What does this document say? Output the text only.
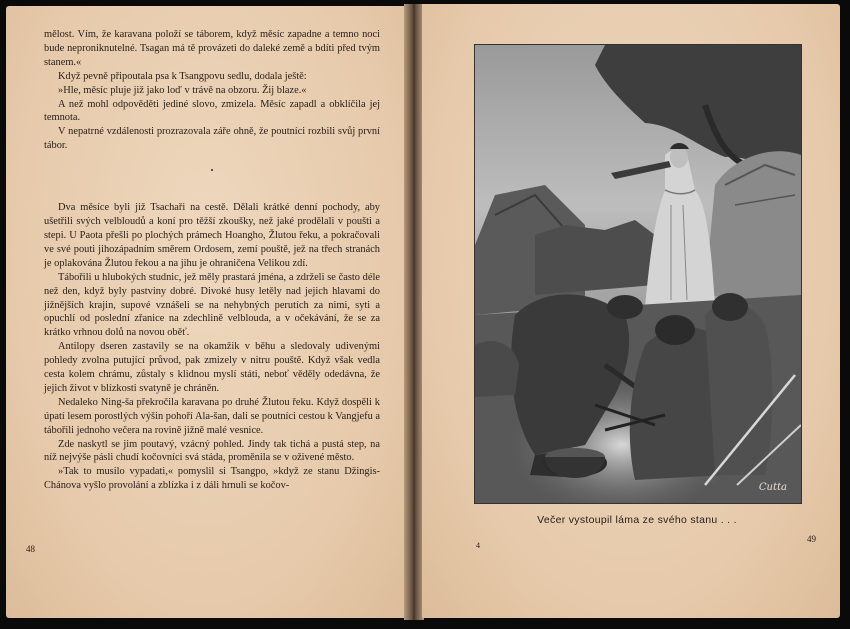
mělost. Vím, že karavana položí se táborem, když měsíc zapadne a temno noci bude neproniknutelné. Tsagan má tě provázeti do daleké země a bdíti před tvým stanem.«

Když pevně připoutala psa k Tsangpovu sedlu, dodala ještě:

»Hle, měsíc pluje již jako loď v trávě na obzoru. Žij blaze.«

A než mohl odpověděti jediné slovo, zmizela. Měsíc zapadl a obklíčila jej temnota.

V nepatrné vzdálenosti prozrazovala záře ohně, že poutníci rozbili svůj první tábor.

•

Dva měsíce byli již Tsachaři na cestě. Dělali krátké denní pochody, aby ušetřili svých velbloudů a koní pro těžší zkoušky, než jaké prodělali v poušti a stepi. U Paota přešli po plochých prámech Hoangho, Žlutou řeku, a pokračovali ve své pouti jihozápadním směrem Ordosem, zemí pouště, jež na třech stranách je oplakována Žlutou řekou a na jihu je ohraničena Velikou zdí.

Tábořili u hlubokých studnic, jež měly prastará jména, a zdrželi se často déle než den, když byly pastviny dobré. Divoké husy letěly nad jejich hlavami do jižnějších krajin, supové vznášeli se na nehybných perutích za nimi, syti a opuchlí od poslední zřanice na zdechlině velblouda, a v očekávání, že se za krátko vrhnou dolů na novou oběť.

Antilopy dseren zastavily se na okamžik v běhu a sledovaly udivenými pohledy zvolna putující průvod, pak zmizely v nitru pouště. Když však vedla cesta kolem chrámu, zůstaly s klidnou myslí státi, neboť věděly odedávna, že jejich život v blízkosti svatyně je chráněn.

Nedaleko Ning-ša překročila karavana po druhé Žlutou řeku. Když dospěli k úpatí lesem porostlých výšin pohoří Ala-šan, dali se poutníci cestou k Vangjefu a tábořili jednoho večera na rovině jižně malé vesnice.

Zde naskytl se jim poutavý, vzácný pohled. Jindy tak tichá a pustá step, na níž nejvýše pásli chudí kočovníci svá stáda, proměnila se v oživené město.

»Tak to musilo vypadati,« pomyslil si Tsangpo, »když ze stanu Džingis-Chánova vyšlo provolání a zblízka i z dáli hrnuli se kočov-

48
Cutta
Večer vystoupil láma ze svého stanu . . .
4
49
